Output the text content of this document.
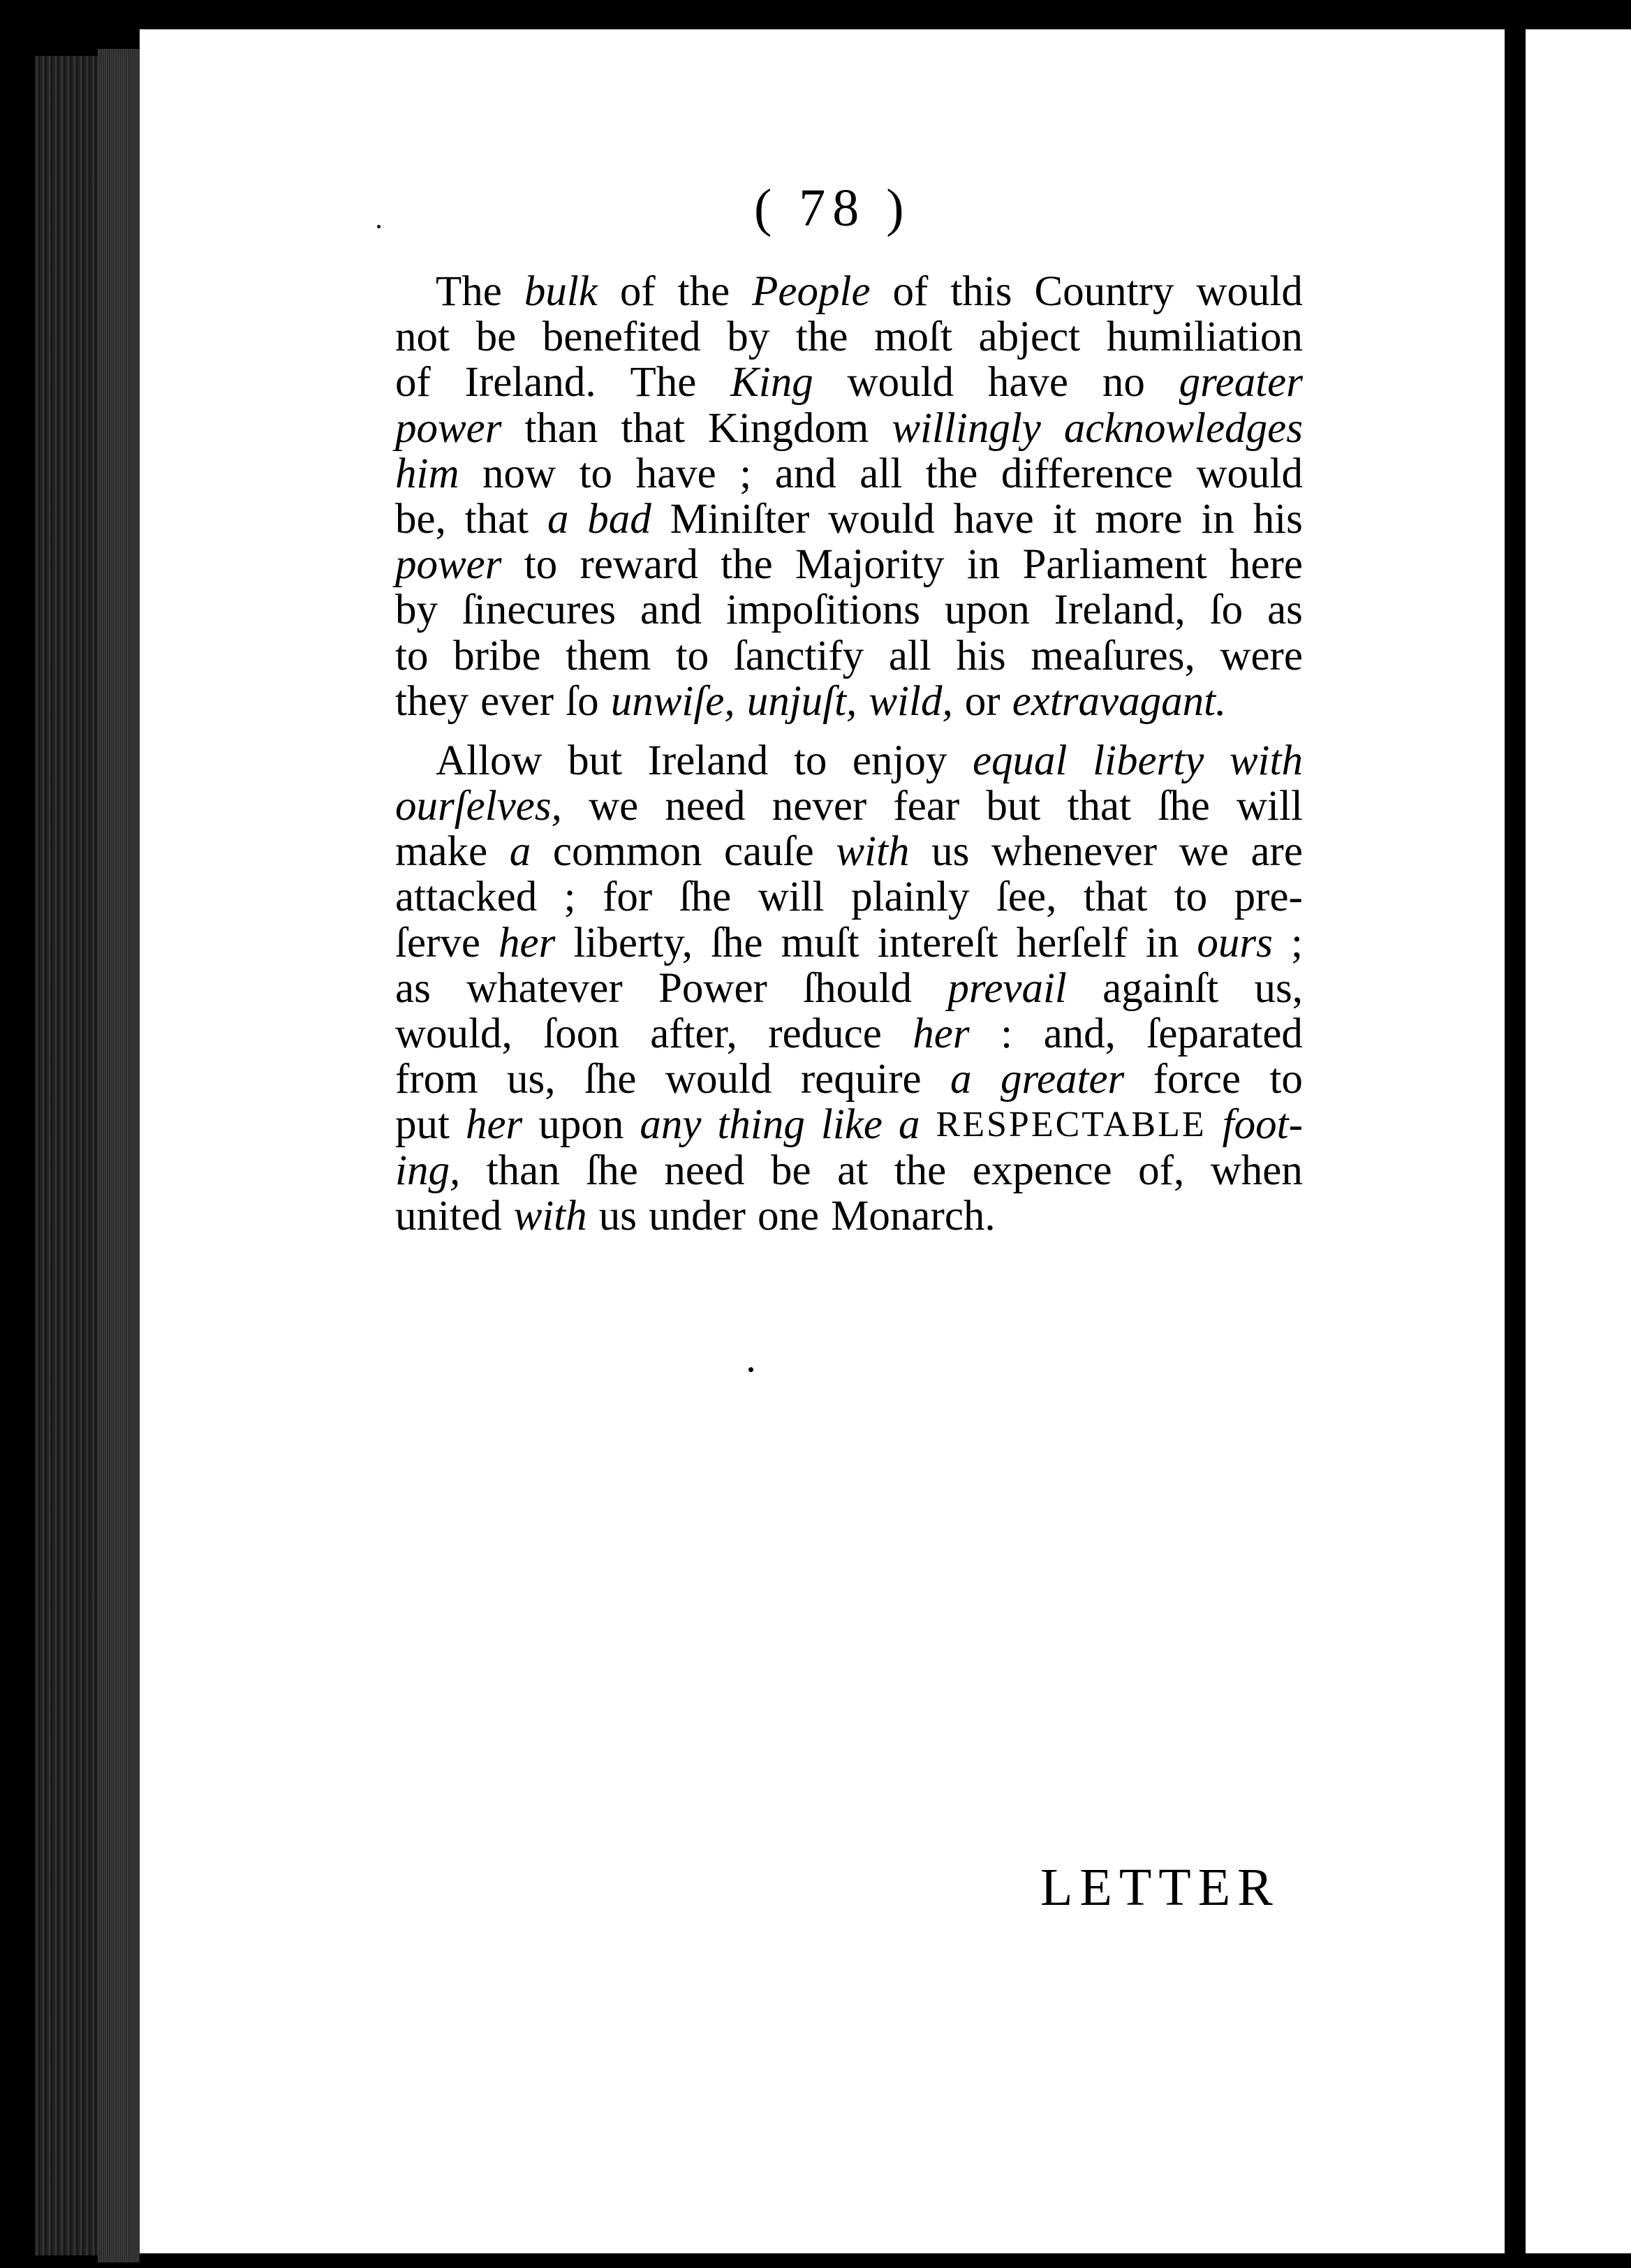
( 78 )
The bulk of the People of this Country would
not be benefited by the moſt abject humiliation
of Ireland. The King would have no greater
power than that Kingdom willingly acknowledges
him now to have ; and all the difference would
be, that a bad Miniſter would have it more in his
power to reward the Majority in Parliament here
by ſinecures and impoſitions upon Ireland, ſo as
to bribe them to ſanctify all his meaſures, were
they ever ſo unwiſe, unjuſt, wild, or extravagant.
Allow but Ireland to enjoy equal liberty with
ourſelves, we need never fear but that ſhe will
make a common cauſe with us whenever we are
attacked ; for ſhe will plainly ſee, that to pre-
ſerve her liberty, ſhe muſt intereſt herſelf in ours ;
as whatever Power ſhould prevail againſt us,
would, ſoon after, reduce her : and, ſeparated
from us, ſhe would require a greater force to
put her upon any thing like a RESPECTABLE foot-
ing, than ſhe need be at the expence of, when
united with us under one Monarch.
LETTER
